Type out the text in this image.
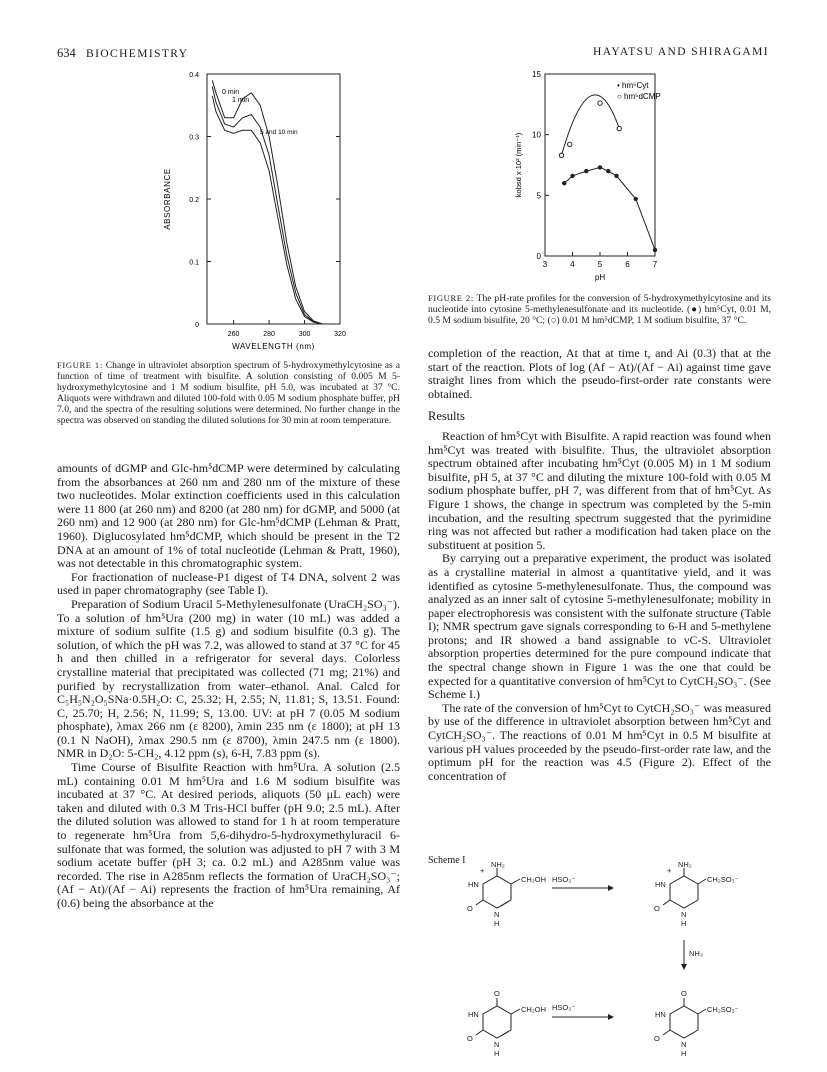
634 BIOCHEMISTRY	HAYATSU AND SHIRAGAMI
0
0.1
0.2
0.3
0.4
260	280	300	320
WAVELENGTH (nm)
ABSORBANCE
0 min
1 min
5 and 10 min
FIGURE 1: Change in ultraviolet absorption spectrum of 5-hydroxymethylcytosine as a function of time of treatment with bisulfite. A solution consisting of 0.005 M 5-hydroxymethylcytosine and 1 M sodium bisulfite, pH 5.0, was incubated at 37 °C. Aliquots were withdrawn and diluted 100-fold with 0.05 M sodium phosphate buffer, pH 7.0, and the spectra of the resulting solutions were determined. No further change in the spectra was observed on standing the diluted solutions for 30 min at room temperature.
0
5
10
15
3	4	5	6	7
pH
kobsd x 10² (min⁻¹)
• hm⁵Cyt
○ hm⁵dCMP
FIGURE 2: The pH-rate profiles for the conversion of 5-hydroxymethylcytosine and its nucleotide into cytosine 5-methylenesulfonate and its nucleotide. (●) hm⁵Cyt, 0.01 M, 0.5 M sodium bisulfite, 20 °C; (○) 0.01 M hm⁵dCMP, 1 M sodium bisulfite, 37 °C.

amounts of dGMP and Glc-hm⁵dCMP were determined by calculating from the absorbances at 260 nm and 280 nm of the mixture of these two nucleotides. Molar extinction coefficients used in this calculation were 11 800 (at 260 nm) and 8200 (at 280 nm) for dGMP, and 5000 (at 260 nm) and 12 900 (at 280 nm) for Glc-hm⁵dCMP (Lehman & Pratt, 1960). Diglucosylated hm⁵dCMP, which should be present in the T2 DNA at an amount of 1% of total nucleotide (Lehman & Pratt, 1960), was not detectable in this chromatographic system.

For fractionation of nuclease-P1 digest of T4 DNA, solvent 2 was used in paper chromatography (see Table I).

Preparation of Sodium Uracil 5-Methylenesulfonate (UraCH₂SO₃⁻). To a solution of hm⁵Ura (200 mg) in water (10 mL) was added a mixture of sodium sulfite (1.5 g) and sodium bisulfite (0.3 g). The solution, of which the pH was 7.2, was allowed to stand at 37 °C for 45 h and then chilled in a refrigerator for several days. Colorless crystalline material that precipitated was collected (71 mg; 21%) and purified by recrystallization from water–ethanol. Anal. Calcd for C₅H₅N₂O₅SNa·0.5H₂O: C, 25.32; H, 2.55; N, 11.81; S, 13.51. Found: C, 25.70; H, 2.56; N, 11.99; S, 13.00. UV: at pH 7 (0.05 M sodium phosphate), λmax 266 nm (ε 8200), λmin 235 nm (ε 1800); at pH 13 (0.1 N NaOH), λmax 290.5 nm (ε 8700), λmin 247.5 nm (ε 1800). NMR in D₂O: 5-CH₂, 4.12 ppm (s), 6-H, 7.83 ppm (s).

Time Course of Bisulfite Reaction with hm⁵Ura. A solution (2.5 mL) containing 0.01 M hm⁵Ura and 1.6 M sodium bisulfite was incubated at 37 °C. At desired periods, aliquots (50 μL each) were taken and diluted with 0.3 M Tris-HCl buffer (pH 9.0; 2.5 mL). After the diluted solution was allowed to stand for 1 h at room temperature to regenerate hm⁵Ura from 5,6-dihydro-5-hydroxymethyluracil 6-sulfonate that was formed, the solution was adjusted to pH 7 with 3 M sodium acetate buffer (pH 3; ca. 0.2 mL) and A285nm value was recorded. The rise in A285nm reflects the formation of UraCH₂SO₃⁻; (Af − At)/(Af − Ai) represents the fraction of hm⁵Ura remaining, Af (0.6) being the absorbance at the

completion of the reaction, At that at time t, and Ai (0.3) that at the start of the reaction. Plots of log (Af − At)/(Af − Ai) against time gave straight lines from which the pseudo-first-order rate constants were obtained.

Results

Reaction of hm⁵Cyt with Bisulfite. A rapid reaction was found when hm⁵Cyt was treated with bisulfite. Thus, the ultraviolet absorption spectrum obtained after incubating hm⁵Cyt (0.005 M) in 1 M sodium bisulfite, pH 5, at 37 °C and diluting the mixture 100-fold with 0.05 M sodium phosphate buffer, pH 7, was different from that of hm⁵Cyt. As Figure 1 shows, the change in spectrum was completed by the 5-min incubation, and the resulting spectrum suggested that the pyrimidine ring was not affected but rather a modification had taken place on the substituent at position 5.

By carrying out a preparative experiment, the product was isolated as a crystalline material in almost a quantitative yield, and it was identified as cytosine 5-methylenesulfonate. Thus, the compound was analyzed as an inner salt of cytosine 5-methylenesulfonate; mobility in paper electrophoresis was consistent with the sulfonate structure (Table I); NMR spectrum gave signals corresponding to 6-H and 5-methylene protons; and IR showed a band assignable to νC-S. Ultraviolet absorption properties determined for the pure compound indicate that the spectral change shown in Figure 1 was the one that could be expected for a quantitative conversion of hm⁵Cyt to CytCH₂SO₃⁻. (See Scheme I.)

The rate of the conversion of hm⁵Cyt to CytCH₂SO₃⁻ was measured by use of the difference in ultraviolet absorption between hm⁵Cyt and CytCH₂SO₃⁻. The reactions of 0.01 M hm⁵Cyt in 0.5 M bisulfite at various pH values proceeded by the pseudo-first-order rate law, and the optimum pH for the reaction was 4.5 (Figure 2). Effect of the concentration of

Scheme I	NH₂
+
HN
CH₂OH
O
N
H
HSO₃⁻
NH₂
+
HN
CH₂SO₃⁻
O
N
H
NH₃
O
HN
CH₂OH
O
N
H
HSO₃⁻
O
HN
CH₂SO₃⁻
O
N
H
